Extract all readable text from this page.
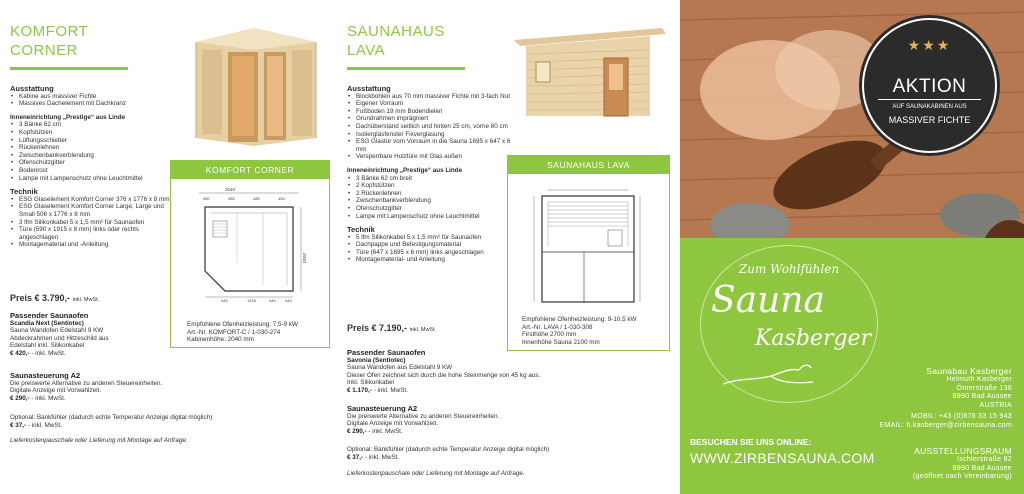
KOMFORT
CORNER
Ausstattung
• Kabine aus massiver Fichte
• Massives Dachelement mit Dachkranz
Inneneinrichtung „Prestige“ aus Linde
• 3 Bänke 62 cm
• Kopfstützen
• Lüftungsschieber
• Rückenlehnen
• Zwischenbankverblendung
• Ofenschutzgitter
• Bodenrost
• Lampe mit Lampenschutz ohne Leuchtmittel
Technik
• ESG Glaselement Komfort Corner 376 x 1776 x 8 mm
• ESG Glaselement Komfort Corner Large, Large und Small 506 x 1776 x 8 mm
• 3 lfm Silikonkabel 5 x 1,5 mm² für Saunaofen
• Türe (590 x 1915 x 8 mm) links oder rechts angeschlagen
• Montagematerial und -Anleitung
Preis € 3.790,- inkl. MwSt.
Passender Saunaofen
Scandia Next (Sentiotec)
Sauna Wandofen Edelstahl 9 KW
Abdeckrahmen und Hitzeschild aus
Edelstahl inkl. Silikonkabel
€ 420,- - inkl. MwSt.
Saunasteuerung A2
Die preiswerte Alternative zu anderen Steuereinheiten.
Digitale Anzeige mit Vorwahlzeit.
€ 290,- - inkl. MwSt.
Optional: Bankfühler (dadurch echte Temperatur Anzeige digital möglich)
€ 37,- - inkl. MwSt.
Lieferkostenpauschale oder Lieferung mit Montage auf Anfrage.
KOMFORT CORNER
2040
450	485	485	450
2040
445	1425	440 445
Empfohlene Ofenheizleistung: 7,5-9 kW
Art.-Nr. KOMFORT-C / 1-030-274
Kabinenhöhe: 2040 mm
SAUNAHAUS
LAVA
Ausstattung
• Blockbohlen aus 70 mm massiver Fichte mit 3-fach Nut
• Eigener Vorraum
• Fußboden 19 mm Bodendielen
• Grundrahmen imprägniert
• Dachüberstand seitlich und hinten 25 cm, vorne 80 cm
• Isoliergläsfenster Fixverglasung
• ESG Glastür vom Vorraum in die Sauna 1695 x 647 x 6 mm
• Versperrbare Holztüre mit Glas außen
Inneneinrichtung „Prestige“ aus Linde
• 3 Bänke 62 cm breit
• 2 Kopfstützen
• 2 Rückenlehnen
• Zwischenbankverblendung
• Ofenschutzgitter
• Lampe mit Lampenschutz ohne Leuchtmittel
Technik
• 5 lfm Silikonkabel 5 x 1,5 mm² für Saunaofen
• Dachpappe und Befestigungsmaterial
• Türe (647 x 1695 x 6 mm) links angeschlagen
• Montagematerial- und Anleitung
Preis € 7.190,- inkl. MwSt.
Passender Saunaofen
Savonia (Sentiotec)
Sauna Wandofen aus Edelstahl 9 KW
Dieser Ofen zeichnet sich durch die hohe Steinmenge von 45 kg aus.
Inkl. Silikonkabel
€ 1.170,- - inkl. MwSt.
Saunasteuerung A2
Die preiswerte Alternative zu anderen Steuereinheiten.
Digitale Anzeige mit Vorwahlzeit.
€ 290,- - inkl. MwSt.
Optional: Bankfühler (dadurch echte Temperatur Anzeige digital möglich)
€ 37,- - inkl. MwSt.
Lieferkostenpauschale oder Lieferung mit Montage auf Anfrage.
SAUNAHAUS LAVA
Empfohlene Ofenheizleistung: 9-10,5 kW
Art.-Nr. LAVA / 1-030-308
Firsthöhe 2700 mm
Innenhöhe Sauna 2100 mm
★★★
AKTION
AUF SAUNAKABINEN AUS
MASSIVER FICHTE
Zum Wohlfühlen
Sauna
Kasberger
Saunabau Kasberger
Helmuth Kasberger
Ötnerstraße 136
8990 Bad Aussee
AUSTRIA
MOBIL: +43 (0)676 33 15 943
EMAIL: h.kasberger@zirbensauna.com
BESUCHEN SIE UNS ONLINE:
WWW.ZIRBENSAUNA.COM	AUSSTELLUNGSRAUM
Ischlerstraße 82
8990 Bad Aussee
(geöffnet nach Vereinbarung)
